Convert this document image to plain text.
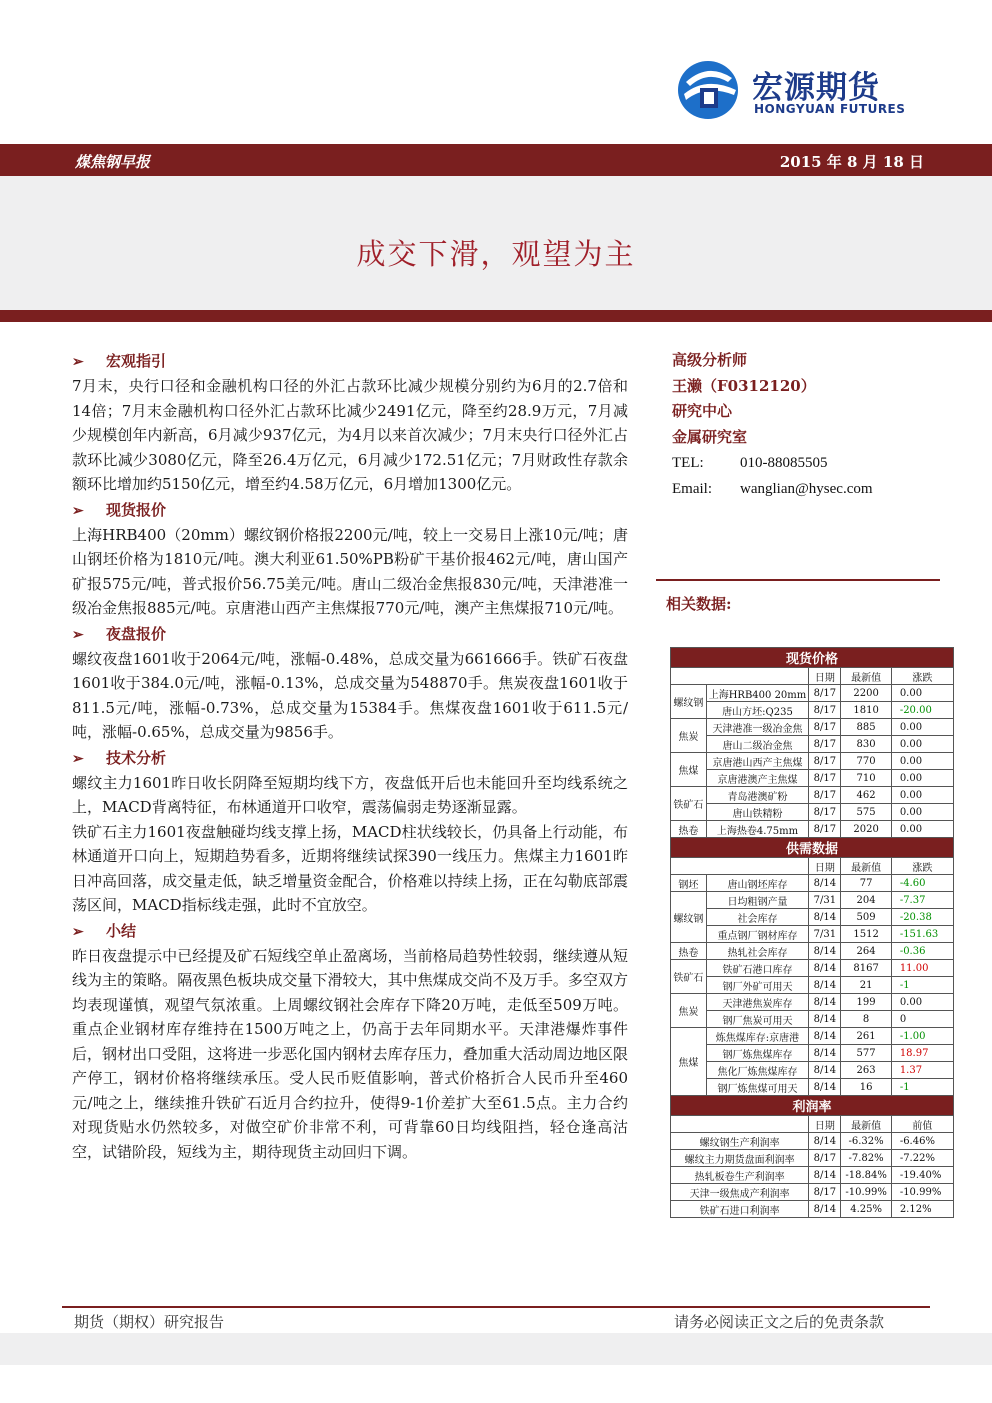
煤焦钢早报	2015 年 8 月 18 日
宏源期货
HONGYUAN FUTURES
成交下滑，观望为主
➢ 宏观指引
7月末，央行口径和金融机构口径的外汇占款环比减少规模分别约为6月的2.7倍和14倍；7月末金融机构口径外汇占款环比减少2491亿元，降至约28.9万元，7月减少规模创年内新高，6月减少937亿元，为4月以来首次减少；7月末央行口径外汇占款环比减少3080亿元，降至26.4万亿元，6月减少172.51亿元；7月财政性存款余额环比增加约5150亿元，增至约4.58万亿元，6月增加1300亿元。
➢ 现货报价
上海HRB400（20mm）螺纹钢价格报2200元/吨，较上一交易日上涨10元/吨；唐山钢坯价格为1810元/吨。澳大利亚61.50%PB粉矿干基价报462元/吨，唐山国产矿报575元/吨，普式报价56.75美元/吨。唐山二级冶金焦报830元/吨，天津港准一级冶金焦报885元/吨。京唐港山西产主焦煤报770元/吨，澳产主焦煤报710元/吨。
➢ 夜盘报价
螺纹夜盘1601收于2064元/吨，涨幅-0.48%，总成交量为661666手。铁矿石夜盘1601收于384.0元/吨，涨幅-0.13%，总成交量为548870手。焦炭夜盘1601收于811.5元/吨，涨幅-0.73%，总成交量为15384手。焦煤夜盘1601收于611.5元/吨，涨幅-0.65%，总成交量为9856手。
➢ 技术分析
螺纹主力1601昨日收长阴降至短期均线下方，夜盘低开后也未能回升至均线系统之上，MACD背离特征，布林通道开口收窄，震荡偏弱走势逐渐显露。
铁矿石主力1601夜盘触碰均线支撑上扬，MACD柱状线较长，仍具备上行动能，布林通道开口向上，短期趋势看多，近期将继续试探390一线压力。焦煤主力1601昨日冲高回落，成交量走低，缺乏增量资金配合，价格难以持续上扬，正在勾勒底部震荡区间，MACD指标线走强，此时不宜放空。
➢ 小结
昨日夜盘提示中已经提及矿石短线空单止盈离场，当前格局趋势性较弱，继续遵从短线为主的策略。隔夜黑色板块成交量下滑较大，其中焦煤成交尚不及万手。多空双方均表现谨慎，观望气氛浓重。上周螺纹钢社会库存下降20万吨，走低至509万吨。重点企业钢材库存维持在1500万吨之上，仍高于去年同期水平。天津港爆炸事件后，钢材出口受阻，这将进一步恶化国内钢材去库存压力，叠加重大活动周边地区限产停工，钢材价格将继续承压。受人民币贬值影响，普式价格折合人民币升至460元/吨之上，继续推升铁矿石近月合约拉升，使得9-1价差扩大至61.5点。主力合约对现货贴水仍然较多，对做空矿价非常不利，可背靠60日均线阻挡，轻仓逢高沽空，试错阶段，短线为主，期待现货主动回归下调。
高级分析师
王濑（F0312120）
研究中心
金属研究室
TEL: 010-88085505
Email: wanglian@hysec.com
相关数据:
现货价格				
		日期	最新值	涨跌
螺纹钢	上海HRB400 20mm	8/17	2200	0.00
	唐山方坯:Q235	8/17	1810	-20.00
焦炭	天津港准一级冶金焦	8/17	885	0.00
	唐山二级冶金焦	8/17	830	0.00
焦煤	京唐港山西产主焦煤	8/17	770	0.00
	京唐港澳产主焦煤	8/17	710	0.00
铁矿石	青岛港澳矿粉	8/17	462	0.00
	唐山铁精粉	8/17	575	0.00
热卷	上海热卷4.75mm	8/17	2020	0.00
供需数据				
		日期	最新值	涨跌
钢坯	唐山钢坯库存	8/14	77	-4.60
螺纹钢	日均粗钢产量	7/31	204	-7.37
	社会库存	8/14	509	-20.38
	重点钢厂钢材库存	7/31	1512	-151.63
热卷	热轧社会库存	8/14	264	-0.36
铁矿石	铁矿石港口库存	8/14	8167	11.00
	钢厂外矿可用天	8/14	21	-1
焦炭	天津港焦炭库存	8/14	199	0.00
	钢厂焦炭可用天	8/14	8	0
焦煤	炼焦煤库存:京唐港	8/14	261	-1.00
	钢厂炼焦煤库存	8/14	577	18.97
	焦化厂炼焦煤库存	8/14	263	1.37
	钢厂炼焦煤可用天	8/14	16	-1
利润率				
		日期	最新值	前值
螺纹钢生产利润率		8/14	-6.32%	-6.46%
螺纹主力期货盘面利润率		8/17	-7.82%	-7.22%
热轧板卷生产利润率		8/14	-18.84%	-19.40%
天津一级焦成产利润率		8/17	-10.99%	-10.99%
铁矿石进口利润率		8/14	4.25%	2.12%
期货（期权）研究报告	请务必阅读正文之后的免责条款
